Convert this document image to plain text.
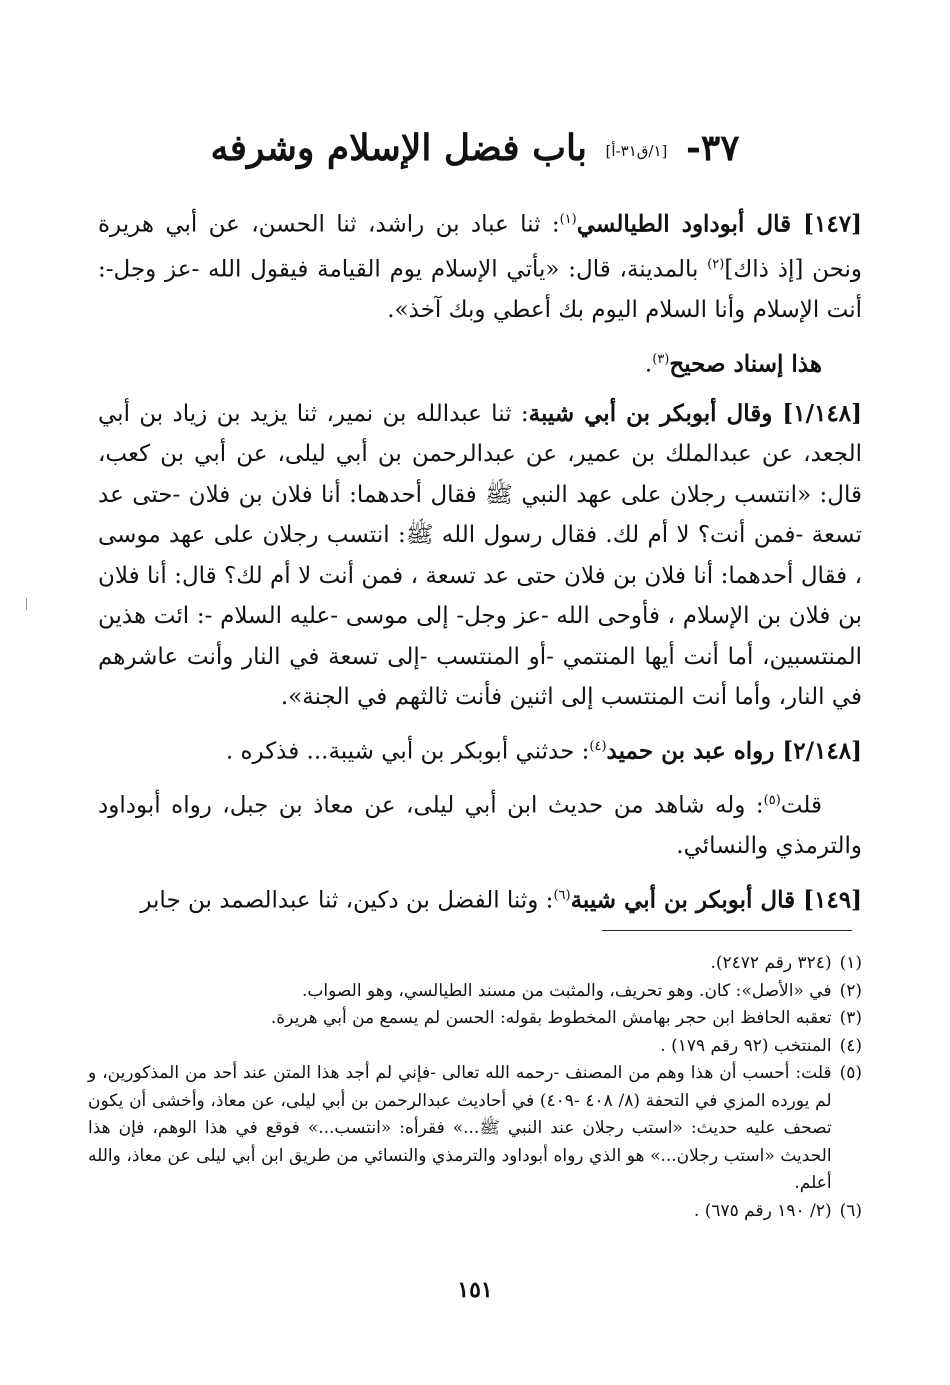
٣٧- [١/ق٣١-أ] باب فضل الإسلام وشرفه

[١٤٧] قال أبوداود الطيالسي$^{(١)}$: ثنا عباد بن راشد، ثنا الحسن، عن أبي هريرة ونحن [إذ ذاك]$^{(٢)}$ بالمدينة، قال: «يأتي الإسلام يوم القيامة فيقول الله -عز وجل-: أنت الإسلام وأنا السلام اليوم بك أعطي وبك آخذ».

هذا إسناد صحيح$^{(٣)}$.

[١/١٤٨] وقال أبوبكر بن أبي شيبة: ثنا عبدالله بن نمير، ثنا يزيد بن زياد بن أبي الجعد، عن عبدالملك بن عمير، عن عبدالرحمن بن أبي ليلى، عن أبي بن كعب، قال: «انتسب رجلان على عهد النبي ﷺ فقال أحدهما: أنا فلان بن فلان -حتى عد تسعة -فمن أنت؟ لا أم لك. فقال رسول الله ﷺ: انتسب رجلان على عهد موسى ، فقال أحدهما: أنا فلان بن فلان حتى عد تسعة ، فمن أنت لا أم لك؟ قال: أنا فلان بن فلان بن الإسلام ، فأوحى الله -عز وجل- إلى موسى -عليه السلام -: ائت هذين المنتسبين، أما أنت أيها المنتمي -أو المنتسب -إلى تسعة في النار وأنت عاشرهم في النار، وأما أنت المنتسب إلى اثنين فأنت ثالثهم في الجنة».

[٢/١٤٨] رواه عبد بن حميد$^{(٤)}$: حدثني أبوبكر بن أبي شيبة... فذكره .

قلت$^{(٥)}$: وله شاهد من حديث ابن أبي ليلى، عن معاذ بن جبل، رواه أبوداود والترمذي والنسائي.

[١٤٩] قال أبوبكر بن أبي شيبة$^{(٦)}$: وثنا الفضل بن دكين، ثنا عبدالصمد بن جابر

(١)
(٣٢٤ رقم ٢٤٧٢).
(٢)
في «الأصل»: كان. وهو تحريف، والمثبت من مسند الطيالسي، وهو الصواب.
(٣)
تعقبه الحافظ ابن حجر بهامش المخطوط بقوله: الحسن لم يسمع من أبي هريرة.
(٤)
المنتخب (٩٢ رقم ١٧٩) .
(٥)
قلت: أحسب أن هذا وهم من المصنف -رحمه الله تعالى -فإني لم أجد هذا المتن عند أحد من المذكورين، و لم يورده المزي في التحفة (٨/ ٤٠٨ -٤٠٩) في أحاديث عبدالرحمن بن أبي ليلى، عن معاذ، وأخشى أن يكون تصحف عليه حديث: «استب رجلان عند النبي ﷺ...» فقرأه: «انتسب...» فوقع في هذا الوهم، فإن هذا الحديث «استب رجلان...» هو الذي رواه أبوداود والترمذي والنسائي من طريق ابن أبي ليلى عن معاذ، والله أعلم.
(٦)
(٢/ ١٩٠ رقم ٦٧٥) .
١٥١
